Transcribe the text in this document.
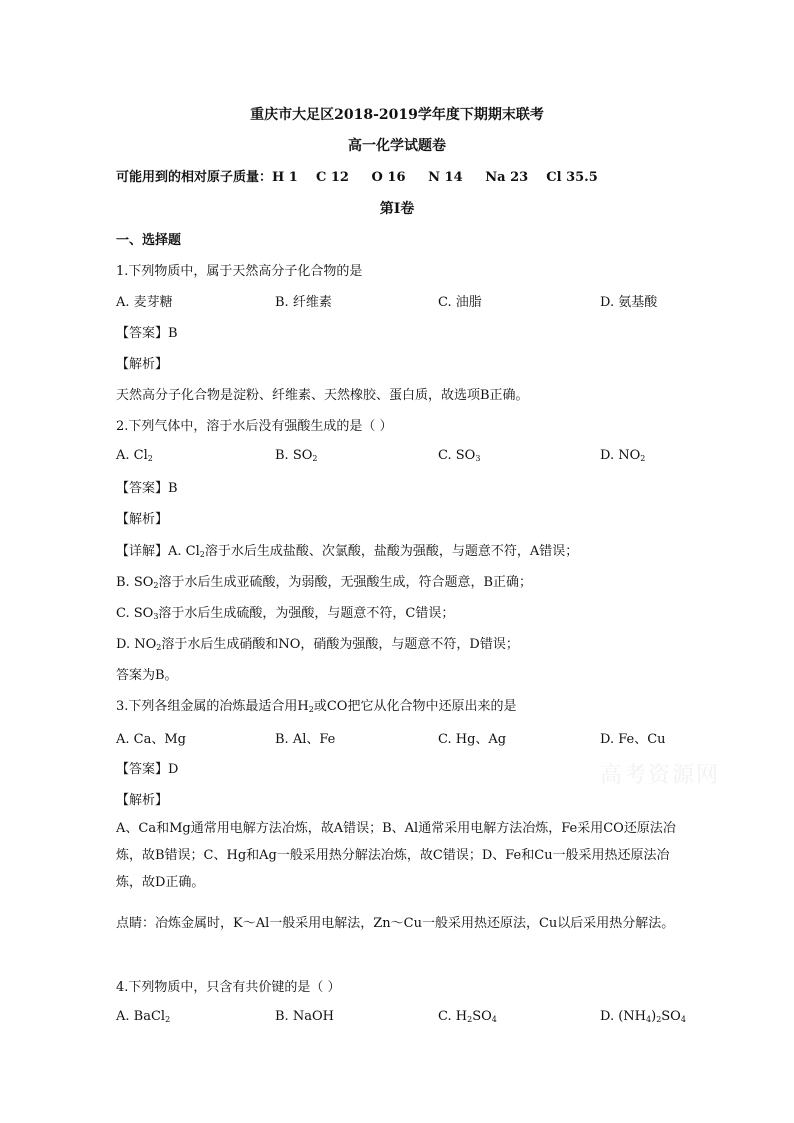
重庆市大足区2018-2019学年度下期期末联考
高一化学试题卷
可能用到的相对原子质量：H 1    C 12     O 16     N 14     Na 23    Cl 35.5
第Ⅰ卷
一、选择题
1.下列物质中，属于天然高分子化合物的是
A. 麦芽糖	B. 纤维素	C. 油脂	D. 氨基酸
【答案】B
【解析】
天然高分子化合物是淀粉、纤维素、天然橡胶、蛋白质，故选项B正确。
2.下列气体中，溶于水后没有强酸生成的是（ ）
A. $Cl_2$	B. $SO_2$	C. $SO_3$	D. $NO_2$
【答案】B
【解析】
【详解】A. $Cl_2$溶于水后生成盐酸、次氯酸，盐酸为强酸，与题意不符，A错误；
B. $SO_2$溶于水后生成亚硫酸，为弱酸，无强酸生成，符合题意，B正确；
C. $SO_3$溶于水后生成硫酸，为强酸，与题意不符，C错误；
D. $NO_2$溶于水后生成硝酸和NO，硝酸为强酸，与题意不符，D错误；
答案为B。
3.下列各组金属的冶炼最适合用$H_2$或CO把它从化合物中还原出来的是
A. Ca、Mg	B. Al、Fe	C. Hg、Ag	D. Fe、Cu
【答案】D
【解析】
A、Ca和Mg通常用电解方法冶炼，故A错误；B、Al通常采用电解方法冶炼，Fe采用CO还原法冶炼，故B错误；C、Hg和Ag一般采用热分解法冶炼，故C错误；D、Fe和Cu一般采用热还原法冶炼，故D正确。
点睛：冶炼金属时，K～Al一般采用电解法，Zn～Cu一般采用热还原法，Cu以后采用热分解法。
4.下列物质中，只含有共价键的是（ ）
A. BaCl$_2$	B. NaOH	C. $H_2SO_4$	D. $(NH_4)_2SO_4$
高考资源网
